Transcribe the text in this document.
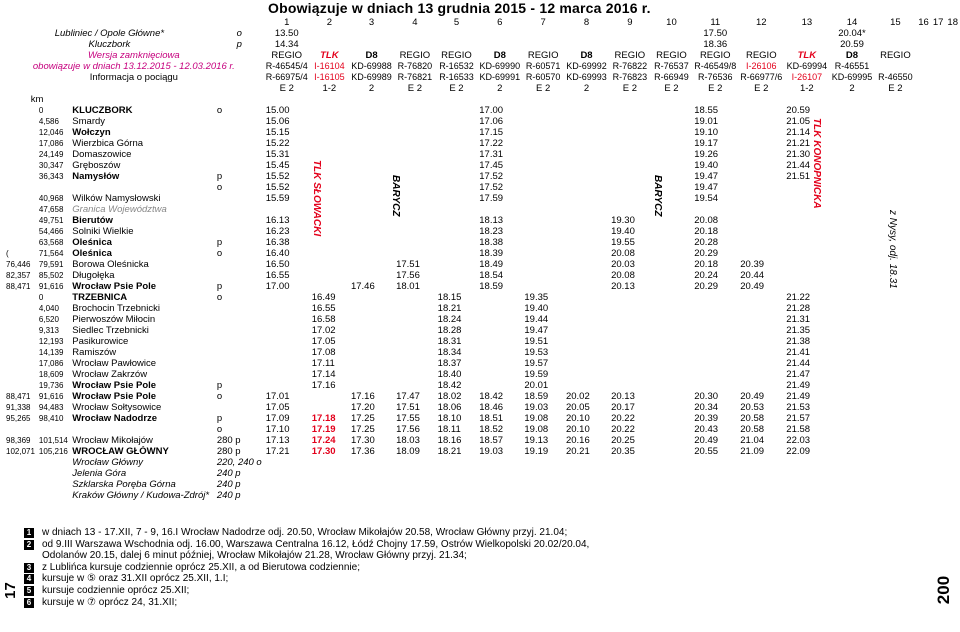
Obowiązuje w dniach 13 grudnia 2015 - 12 marca 2016 r.
				1	2	3	4	5	6	7	8	9	10	11	12	13	14	15	16	17	18
Lubliniec / Opole Główne*			o	13.50										17.50			20.04*				
Kluczbork			p	14.34										18.36			20.59				
Wersja zamknięciowa				REGIO	TLK	D8	REGIO	REGIO	D8	REGIO	D8	REGIO	REGIO	REGIO	REGIO	TLK	D8	REGIO			
obowiązuje w dniach 13.12.2015 - 12.03.2016 r.				R-46545/4	I-16104	KD-69988	R-76820	R-16532	KD-69990	R-60571	KD-69992	R-76822	R-76537	R-46549/8	I-26106	KD-69994	R-46551				
Informacja o pociągu				R-66975/4	I-16105	KD-69989	R-76821	R-16533	KD-69991	R-60570	KD-69993	R-76823	R-66949	R-76536	R-66977/6	I-26107	KD-69995	R-46550			
				E 2	1-2	2	E 2	E 2	2	E 2	2	E 2	E 2	E 2	E 2	1-2	2	E 2			
km																					
	0	KLUCZBORK	o	15.00					17.00					18.55		20.59					
	4,586	Smardy		15.06					17.06					19.01		21.05					
	12,046	Wołczyn		15.15					17.15					19.10		21.14					
	17,086	Wierzbica Górna		15.22					17.22					19.17		21.21					
	24,149	Domaszowice		15.31					17.31					19.26		21.30					
	30,347	Gręboszów		15.45					17.45					19.40		21.44					
	36,343	Namysłów	p	15.52					17.52					19.47		21.51					
			o	15.52					17.52					19.47							
	40,968	Wilków Namysłowski		15.59					17.59					19.54							
	47,658	Granica Województwa																			
	49,751	Bierutów		16.13					18.13			19.30		20.08							
	54,466	Solniki Wielkie		16.23					18.23			19.40		20.18							
	63,568	Oleśnica	p	16.38					18.38			19.55		20.28							
(	71,564	Oleśnica	o	16.40					18.39			20.08		20.29							
76,446	79,591	Borowa Oleśnicka		16.50			17.51		18.49			20.03		20.18	20.39						
82,357	85,502	Długołęka		16.55			17.56		18.54			20.08		20.24	20.44						
88,471	91,616	Wrocław Psie Pole	p	17.00		17.46	18.01		18.59			20.13		20.29	20.49						
	0	TRZEBNICA	o		16.49			18.15		19.35						21.22					
	4,040	Brochocin Trzebnicki			16.55			18.21		19.40						21.28					
	6,520	Pierwoszów Miłocin			16.58			18.24		19.44						21.31					
	9,313	Siedlec Trzebnicki			17.02			18.28		19.47						21.35					
	12,193	Pasikurowice			17.05			18.31		19.51						21.38					
	14,139	Ramiszów			17.08			18.34		19.53						21.41					
	17,086	Wrocław Pawłowice			17.11			18.37		19.57						21.44					
	18,609	Wrocław Zakrzów			17.14			18.40		19.59						21.47					
	19,736	Wrocław Psie Pole	p		17.16			18.42		20.01						21.49					
88,471	91,616	Wrocław Psie Pole	o	17.01		17.16	17.47	18.02	18.42	18.59	20.02	20.13		20.30	20.49	21.49					
91,338	94,483	Wrocław Sołtysowice		17.05		17.20	17.51	18.06	18.46	19.03	20.05	20.17		20.34	20.53	21.53					
95,265	98,410	Wrocław Nadodrze	p	17.09	17.18	17.25	17.55	18.10	18.51	19.08	20.10	20.22		20.39	20.58	21.57					
			o	17.10	17.19	17.25	17.56	18.11	18.52	19.08	20.10	20.22		20.43	20.58	21.58					
98,369	101,514	Wrocław Mikołajów	280 p	17.13	17.24	17.30	18.03	18.16	18.57	19.13	20.16	20.25		20.49	21.04	22.03					
102,071	105,216	WROCŁAW GŁÓWNY	280 p	17.21	17.30	17.36	18.09	18.21	19.03	19.19	20.21	20.35		20.55	21.09	22.09					
		Wrocław Główny	220, 240 o																		
		Jelenia Góra	240 p																		
		Szklarska Poręba Górna	240 p																		
		Kraków Główny / Kudowa-Zdrój*	240 p																		
TLK SŁOWACKI	BARYCZ	BARYCZ	TLK KONOPNICKA
z Nysy, odj. 18.31
1 w dniach 13 - 17.XII, 7 - 9, 16.I Wrocław Nadodrze odj. 20.50, Wrocław Mikołajów 20.58, Wrocław Główny przyj. 21.04;
2 od 9.III Warszawa Wschodnia odj. 16.00, Warszawa Centralna 16.12, Łódź Chojny 17.59, Ostrów Wielkopolski 20.02/20.04,
Odolanów 20.15, dalej 6 minut później, Wrocław Mikołajów 21.28, Wrocław Główny przyj. 21.34;
3 z Lublińca kursuje codziennie oprócz 25.XII, a od Bierutowa codziennie;
4 kursuje w ⑤ oraz 31.XII oprócz 25.XII, 1.I;
5 kursuje codziennie oprócz 25.XII;
6 kursuje w ⑦ oprócz 24, 31.XII;
17	200
